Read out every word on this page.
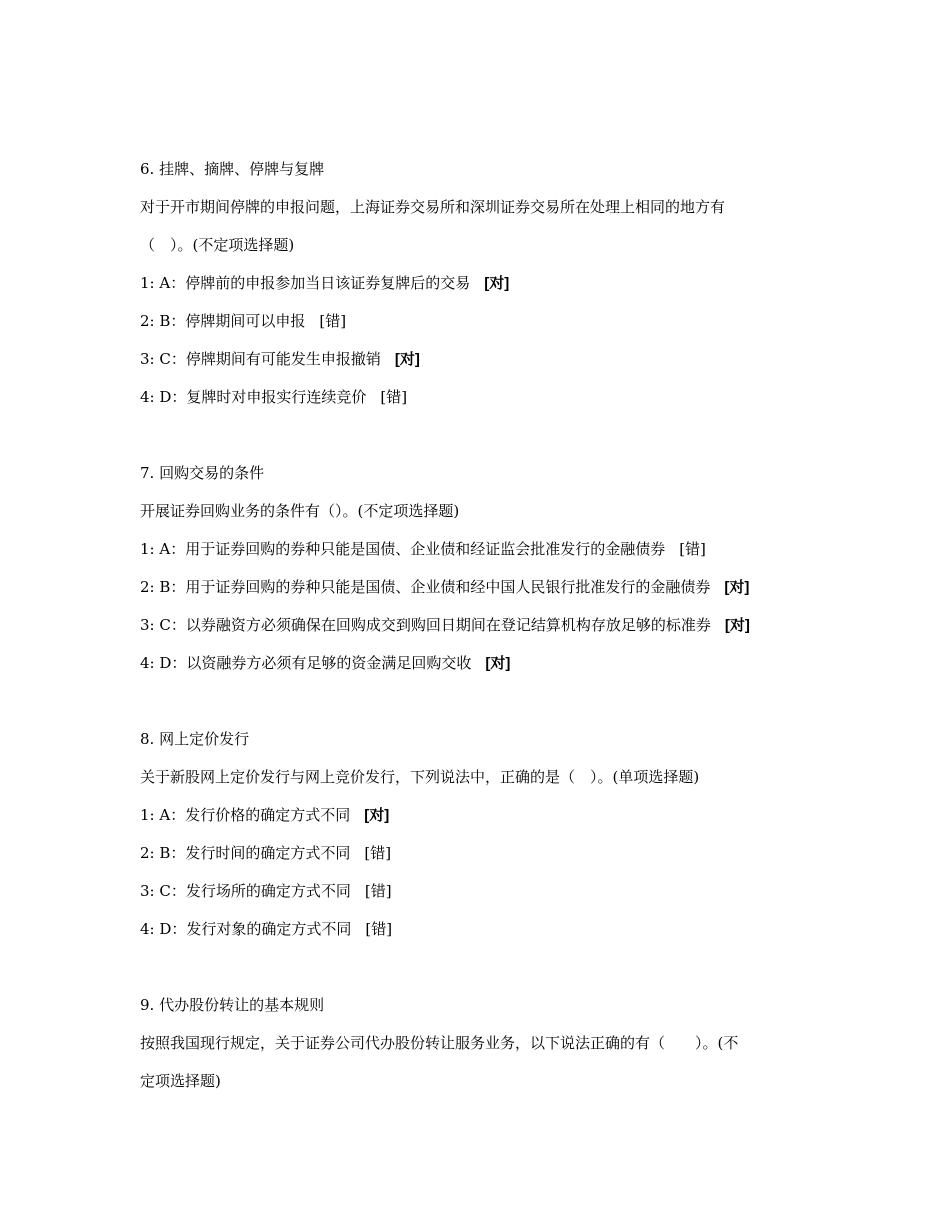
6. 挂牌、摘牌、停牌与复牌
对于开市期间停牌的申报问题，上海证券交易所和深圳证券交易所在处理上相同的地方有
（　）。(不定项选择题)
1: A：停牌前的申报参加当日该证券复牌后的交易 [对]
2: B：停牌期间可以申报 [错]
3: C：停牌期间有可能发生申报撤销 [对]
4: D：复牌时对申报实行连续竞价 [错]
7. 回购交易的条件
开展证券回购业务的条件有（）。(不定项选择题)
1: A：用于证券回购的券种只能是国债、企业债和经证监会批准发行的金融债券 [错]
2: B：用于证券回购的券种只能是国债、企业债和经中国人民银行批准发行的金融债券 [对]
3: C：以券融资方必须确保在回购成交到购回日期间在登记结算机构存放足够的标准券 [对]
4: D：以资融券方必须有足够的资金满足回购交收 [对]
8. 网上定价发行
关于新股网上定价发行与网上竞价发行，下列说法中，正确的是（　）。(单项选择题)
1: A：发行价格的确定方式不同 [对]
2: B：发行时间的确定方式不同 [错]
3: C：发行场所的确定方式不同 [错]
4: D：发行对象的确定方式不同 [错]
9. 代办股份转让的基本规则
按照我国现行规定，关于证券公司代办股份转让服务业务，以下说法正确的有（　　）。(不
定项选择题)
